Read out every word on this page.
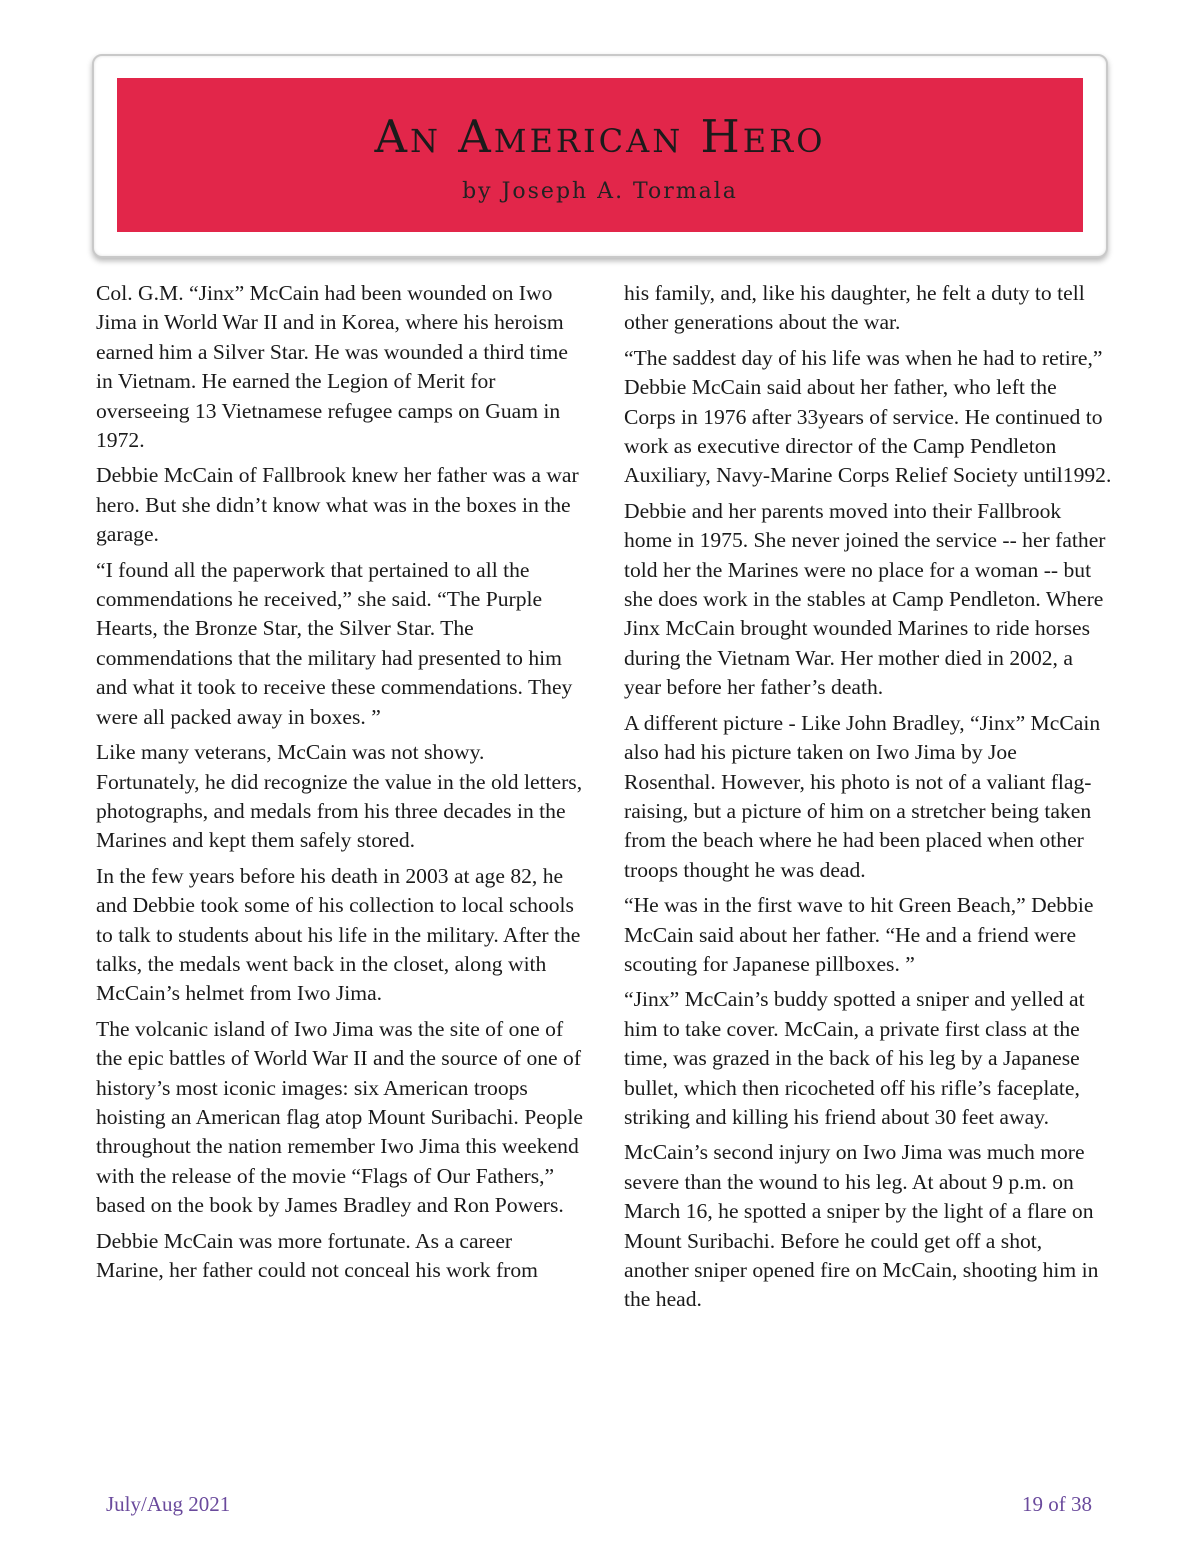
An American Hero
by Joseph A. Tormala

Col. G.M. “Jinx” McCain had been wounded on Iwo Jima in World War II and in Korea, where his heroism earned him a Silver Star. He was wounded a third time in Vietnam. He earned the Legion of Merit for overseeing 13 Vietnamese refugee camps on Guam in 1972.

Debbie McCain of Fallbrook knew her father was a war hero. But she didn’t know what was in the boxes in the garage.

“I found all the paperwork that pertained to all the commendations he received,” she said. “The Purple Hearts, the Bronze Star, the Silver Star. The commendations that the military had presented to him and what it took to receive these commendations. They were all packed away in boxes. ”

Like many veterans, McCain was not showy. Fortunately, he did recognize the value in the old letters, photographs, and medals from his three decades in the Marines and kept them safely stored.

In the few years before his death in 2003 at age 82, he and Debbie took some of his collection to local schools to talk to students about his life in the military. After the talks, the medals went back in the closet, along with McCain’s helmet from Iwo Jima.

The volcanic island of Iwo Jima was the site of one of the epic battles of World War II and the source of one of history’s most iconic images: six American troops hoisting an American flag atop Mount Suribachi. People throughout the nation remember Iwo Jima this weekend with the release of the movie “Flags of Our Fathers,” based on the book by James Bradley and Ron Powers.

Debbie McCain was more fortunate. As a career Marine, her father could not conceal his work from

his family, and, like his daughter, he felt a duty to tell other generations about the war.

“The saddest day of his life was when he had to retire,” Debbie McCain said about her father, who left the Corps in 1976 after 33years of service. He continued to work as executive director of the Camp Pendleton Auxiliary, Navy-Marine Corps Relief Society until1992.

Debbie and her parents moved into their Fallbrook home in 1975. She never joined the service -- her father told her the Marines were no place for a woman -- but she does work in the stables at Camp Pendleton. Where Jinx McCain brought wounded Marines to ride horses during the Vietnam War. Her mother died in 2002, a year before her father’s death.

A different picture - Like John Bradley, “Jinx” McCain also had his picture taken on Iwo Jima by Joe Rosenthal. However, his photo is not of a valiant flag-raising, but a picture of him on a stretcher being taken from the beach where he had been placed when other troops thought he was dead.

“He was in the first wave to hit Green Beach,” Debbie McCain said about her father. “He and a friend were scouting for Japanese pillboxes. ”

“Jinx” McCain’s buddy spotted a sniper and yelled at him to take cover. McCain, a private first class at the time, was grazed in the back of his leg by a Japanese bullet, which then ricocheted off his rifle’s faceplate, striking and killing his friend about 30 feet away.

McCain’s second injury on Iwo Jima was much more severe than the wound to his leg. At about 9 p.m. on March 16, he spotted a sniper by the light of a flare on Mount Suribachi. Before he could get off a shot, another sniper opened fire on McCain, shooting him in the head.

July/Aug 2021	19 of 38
